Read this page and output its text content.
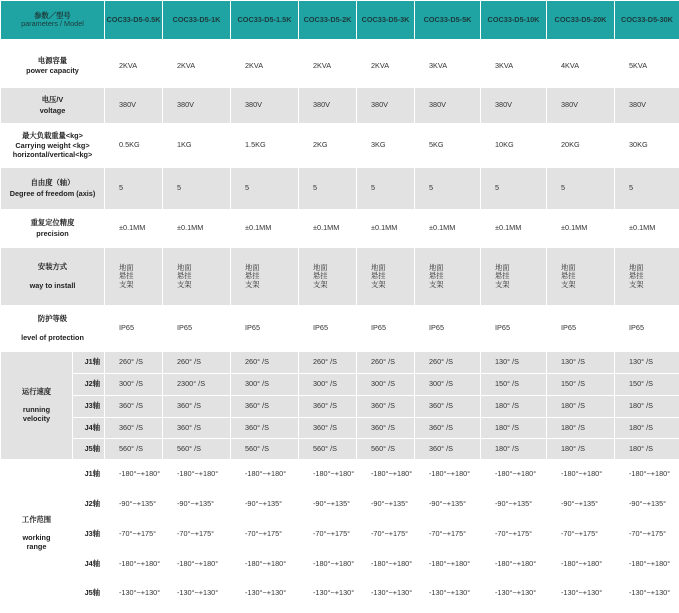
参数／型号
parameters / Model		COC33-D5-0.5K	COC33-D5-1K	COC33-D5-1.5K	COC33-D5-2K	COC33-D5-3K	COC33-D5-5K	COC33-D5-10K	COC33-D5-20K	COC33-D5-30K

电源容量
power capacity		2KVA	2KVA	2KVA	2KVA	2KVA	3KVA	3KVA	4KVA	5KVA

电压/V
voltage		380V	380V	380V	380V	380V	380V	380V	380V	380V

最大负载重量<kg>
Carrying weight <kg>
horizontal/vertical<kg>		0.5KG	1KG	1.5KG	2KG	3KG	5KG	10KG	20KG	30KG

自由度（轴）
Degree of freedom (axis)		5	5	5	5	5	5	5	5	5

重复定位精度
precision		±0.1MM	±0.1MM	±0.1MM	±0.1MM	±0.1MM	±0.1MM	±0.1MM	±0.1MM	±0.1MM

安装方式
way to install		地面
悬挂
支架	地面
悬挂
支架	地面
悬挂
支架	地面
悬挂
支架	地面
悬挂
支架	地面
悬挂
支架	地面
悬挂
支架	地面
悬挂
支架	地面
悬挂
支架

防护等级
level of protection		IP65	IP65	IP65	IP65	IP65	IP65	IP65	IP65	IP65

运行速度
running
velocity	J1轴	260° /S	260° /S	260° /S	260° /S	260° /S	260° /S	130° /S	130° /S	130° /S
	J2轴	300° /S	2300° /S	300° /S	300° /S	300° /S	300° /S	150° /S	150° /S	150° /S
	J3轴	360° /S	360° /S	360° /S	360° /S	360° /S	360° /S	180° /S	180° /S	180° /S
	J4轴	360° /S	360° /S	360° /S	360° /S	360° /S	360° /S	180° /S	180° /S	180° /S
	J5轴	560° /S	560° /S	560° /S	560° /S	560° /S	360° /S	180° /S	180° /S	180° /S

工作范围
working
range	J1轴	-180°~+180°	-180°~+180°	-180°~+180°	-180°~+180°	-180°~+180°	-180°~+180°	-180°~+180°	-180°~+180°	-180°~+180°
	J2轴	-90°~+135°	-90°~+135°	-90°~+135°	-90°~+135°	-90°~+135°	-90°~+135°	-90°~+135°	-90°~+135°	-90°~+135°
	J3轴	-70°~+175°	-70°~+175°	-70°~+175°	-70°~+175°	-70°~+175°	-70°~+175°	-70°~+175°	-70°~+175°	-70°~+175°
	J4轴	-180°~+180°	-180°~+180°	-180°~+180°	-180°~+180°	-180°~+180°	-180°~+180°	-180°~+180°	-180°~+180°	-180°~+180°
	J5轴	-130°~+130°	-130°~+130°	-130°~+130°	-130°~+130°	-130°~+130°	-130°~+130°	-130°~+130°	-130°~+130°	-130°~+130°
